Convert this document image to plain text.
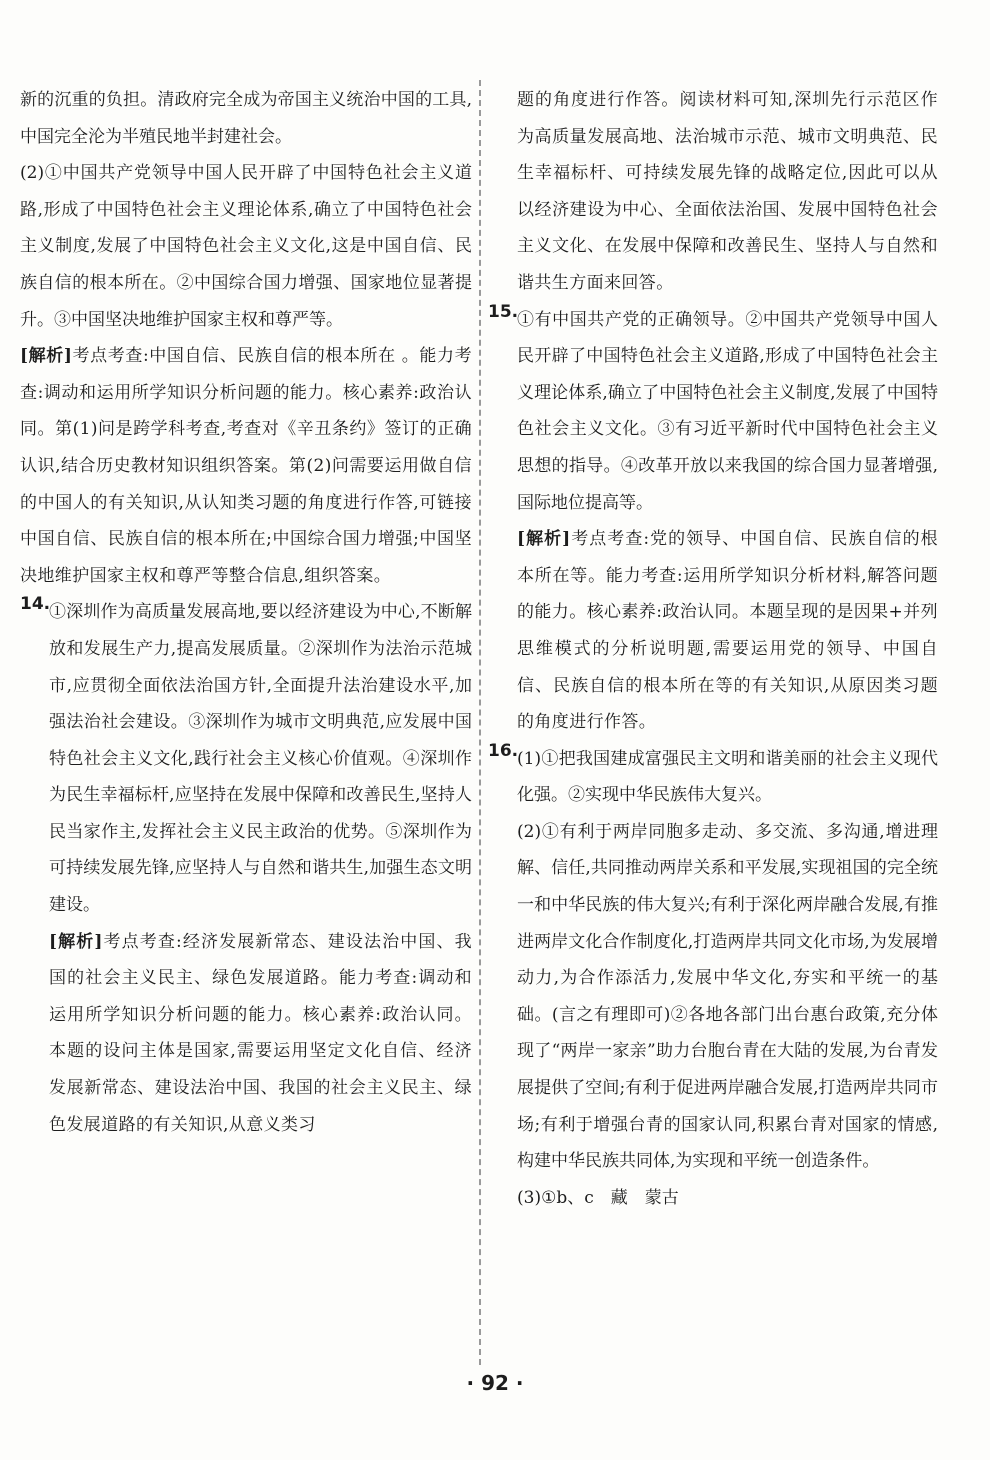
新的沉重的负担。清政府完全成为帝国主义统治中国的工具,中国完全沦为半殖民地半封建社会。

(2)①中国共产党领导中国人民开辟了中国特色社会主义道路,形成了中国特色社会主义理论体系,确立了中国特色社会主义制度,发展了中国特色社会主义文化,这是中国自信、民族自信的根本所在。②中国综合国力增强、国家地位显著提升。③中国坚决地维护国家主权和尊严等。

[解析]考点考查:中国自信、民族自信的根本所在 。能力考查:调动和运用所学知识分析问题的能力。核心素养:政治认同。第(1)问是跨学科考查,考查对《辛丑条约》签订的正确认识,结合历史教材知识组织答案。第(2)问需要运用做自信的中国人的有关知识,从认知类习题的角度进行作答,可链接中国自信、民族自信的根本所在;中国综合国力增强;中国坚决地维护国家主权和尊严等整合信息,组织答案。

14.

①深圳作为高质量发展高地,要以经济建设为中心,不断解放和发展生产力,提高发展质量。②深圳作为法治示范城市,应贯彻全面依法治国方针,全面提升法治建设水平,加强法治社会建设。③深圳作为城市文明典范,应发展中国特色社会主义文化,践行社会主义核心价值观。④深圳作为民生幸福标杆,应坚持在发展中保障和改善民生,坚持人民当家作主,发挥社会主义民主政治的优势。⑤深圳作为可持续发展先锋,应坚持人与自然和谐共生,加强生态文明建设。

[解析]考点考查:经济发展新常态、建设法治中国、我国的社会主义民主、绿色发展道路。能力考查:调动和运用所学知识分析问题的能力。核心素养:政治认同。本题的设问主体是国家,需要运用坚定文化自信、经济发展新常态、建设法治中国、我国的社会主义民主、绿色发展道路的有关知识,从意义类习

题的角度进行作答。阅读材料可知,深圳先行示范区作为高质量发展高地、法治城市示范、城市文明典范、民生幸福标杆、可持续发展先锋的战略定位,因此可以从以经济建设为中心、全面依法治国、发展中国特色社会主义文化、在发展中保障和改善民生、坚持人与自然和谐共生方面来回答。

15.

①有中国共产党的正确领导。②中国共产党领导中国人民开辟了中国特色社会主义道路,形成了中国特色社会主义理论体系,确立了中国特色社会主义制度,发展了中国特色社会主义文化。③有习近平新时代中国特色社会主义思想的指导。④改革开放以来我国的综合国力显著增强,国际地位提高等。

[解析]考点考查:党的领导、中国自信、民族自信的根本所在等。能力考查:运用所学知识分析材料,解答问题的能力。核心素养:政治认同。本题呈现的是因果+并列思维模式的分析说明题,需要运用党的领导、中国自信、民族自信的根本所在等的有关知识,从原因类习题的角度进行作答。

16.

(1)①把我国建成富强民主文明和谐美丽的社会主义现代化强。②实现中华民族伟大复兴。

(2)①有利于两岸同胞多走动、多交流、多沟通,增进理解、信任,共同推动两岸关系和平发展,实现祖国的完全统一和中华民族的伟大复兴;有利于深化两岸融合发展,有推进两岸文化合作制度化,打造两岸共同文化市场,为发展增动力,为合作添活力,发展中华文化,夯实和平统一的基础。(言之有理即可)②各地各部门出台惠台政策,充分体现了“两岸一家亲”助力台胞台青在大陆的发展,为台青发展提供了空间;有利于促进两岸融合发展,打造两岸共同市场;有利于增强台青的国家认同,积累台青对国家的情感,构建中华民族共同体,为实现和平统一创造条件。

(3)①b、c　藏　蒙古

· 92 ·
